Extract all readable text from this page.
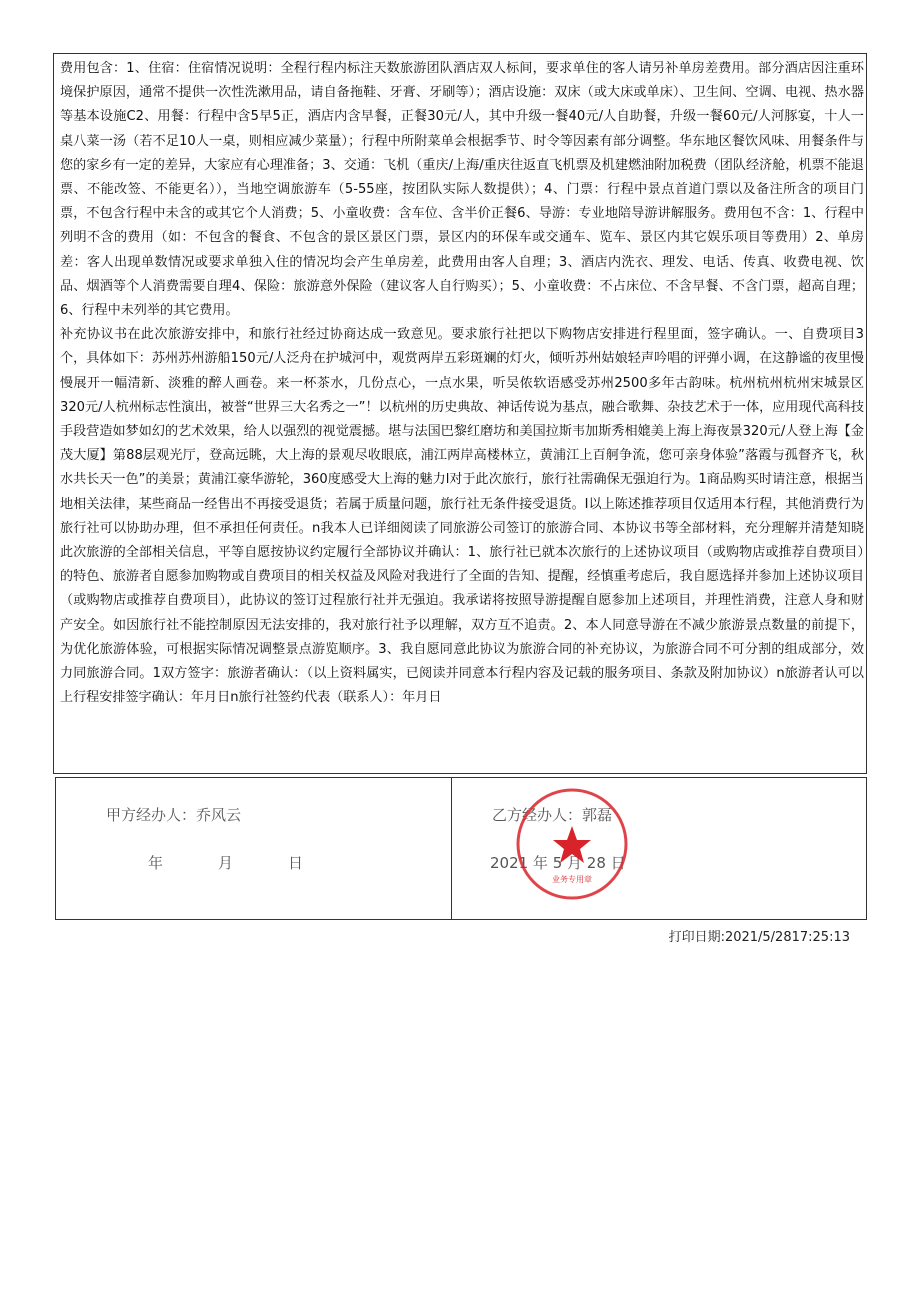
费用包含：1、住宿：住宿情况说明：全程行程内标注天数旅游团队酒店双人标间，要求单住的客人请另补单房差费用。部分酒店因注重环境保护原因，通常不提供一次性洗漱用品，请自备拖鞋、牙膏、牙刷等）；酒店设施：双床（或大床或单床）、卫生间、空调、电视、热水器等基本设施C2、用餐：行程中含5早5正，酒店内含早餐，正餐30元/人，其中升级一餐40元/人自助餐，升级一餐60元/人河豚宴，十人一桌八菜一汤（若不足10人一桌，则相应减少菜量）；行程中所附菜单会根据季节、时令等因素有部分调整。华东地区餐饮风味、用餐条件与您的家乡有一定的差异，大家应有心理准备；3、交通：飞机（重庆/上海/重庆往返直飞机票及机建燃油附加税费（团队经济舱，机票不能退票、不能改签、不能更名）），当地空调旅游车（5-55座，按团队实际人数提供）；4、门票：行程中景点首道门票以及备注所含的项目门票，不包含行程中未含的或其它个人消费；5、小童收费：含车位、含半价正餐6、导游：专业地陪导游讲解服务。费用包不含：1、行程中列明不含的费用（如：不包含的餐食、不包含的景区景区门票，景区内的环保车或交通车、览车、景区内其它娱乐项目等费用）2、单房差：客人出现单数情况或要求单独入住的情况均会产生单房差，此费用由客人自理；3、酒店内洗衣、理发、电话、传真、收费电视、饮品、烟酒等个人消费需要自理4、保险：旅游意外保险（建议客人自行购买）；5、小童收费：不占床位、不含早餐、不含门票，超高自理；6、行程中未列举的其它费用。

补充协议书在此次旅游安排中，和旅行社经过协商达成一致意见。要求旅行社把以下购物店安排进行程里面，签字确认。一、自费项目3个，具体如下：苏州苏州游船150元/人泛舟在护城河中，观赏两岸五彩斑斓的灯火，倾听苏州姑娘轻声吟唱的评弹小调，在这静谧的夜里慢慢展开一幅清新、淡雅的醉人画卷。来一杯茶水，几份点心，一点水果，听吴侬软语感受苏州2500多年古韵味。杭州杭州杭州宋城景区320元/人杭州标志性演出，被誉“世界三大名秀之一”！以杭州的历史典故、神话传说为基点，融合歌舞、杂技艺术于一体，应用现代高科技手段营造如梦如幻的艺术效果，给人以强烈的视觉震撼。堪与法国巴黎红磨坊和美国拉斯韦加斯秀相媲美上海上海夜景320元/人登上海【金茂大厦】第88层观光厅，登高远眺，大上海的景观尽收眼底，浦江两岸高楼林立，黄浦江上百舸争流，您可亲身体验”落霞与孤督齐飞，秋水共长天一色”的美景；黄浦江豪华游轮，360度感受大上海的魅力l对于此次旅行，旅行社需确保无强迫行为。1商品购买时请注意，根据当地相关法律，某些商品一经售出不再接受退货；若属于质量问题，旅行社无条件接受退货。I以上陈述推荐项目仅适用本行程，其他消费行为旅行社可以协助办理，但不承担任何责任。n我本人已详细阅读了同旅游公司签订的旅游合同、本协议书等全部材料，充分理解并清楚知晓此次旅游的全部相关信息，平等自愿按协议约定履行全部协议并确认：1、旅行社已就本次旅行的上述协议项目（或购物店或推荐自费项目）的特色、旅游者自愿参加购物或自费项目的相关权益及风险对我进行了全面的告知、提醒，经慎重考虑后，我自愿选择并参加上述协议项目（或购物店或推荐自费项目），此协议的签订过程旅行社并无强迫。我承诺将按照导游提醒自愿参加上述项目，并理性消费，注意人身和财产安全。如因旅行社不能控制原因无法安排的，我对旅行社予以理解，双方互不追责。2、本人同意导游在不减少旅游景点数量的前提下，为优化旅游体验，可根据实际情况调整景点游览顺序。3、我自愿同意此协议为旅游合同的补充协议，为旅游合同不可分割的组成部分，效力同旅游合同。1双方签字：旅游者确认：（以上资料属实，已阅读并同意本行程内容及记载的服务项目、条款及附加协议）n旅游者认可以上行程安排签字确认：年月日n旅行社签约代表（联系人）：年月日

甲方经办人：乔风云
年	月	日
乙方经办人：郭磊
2021 年 5 月 28 日
业务专用章
打印日期:2021/5/2817:25:13
